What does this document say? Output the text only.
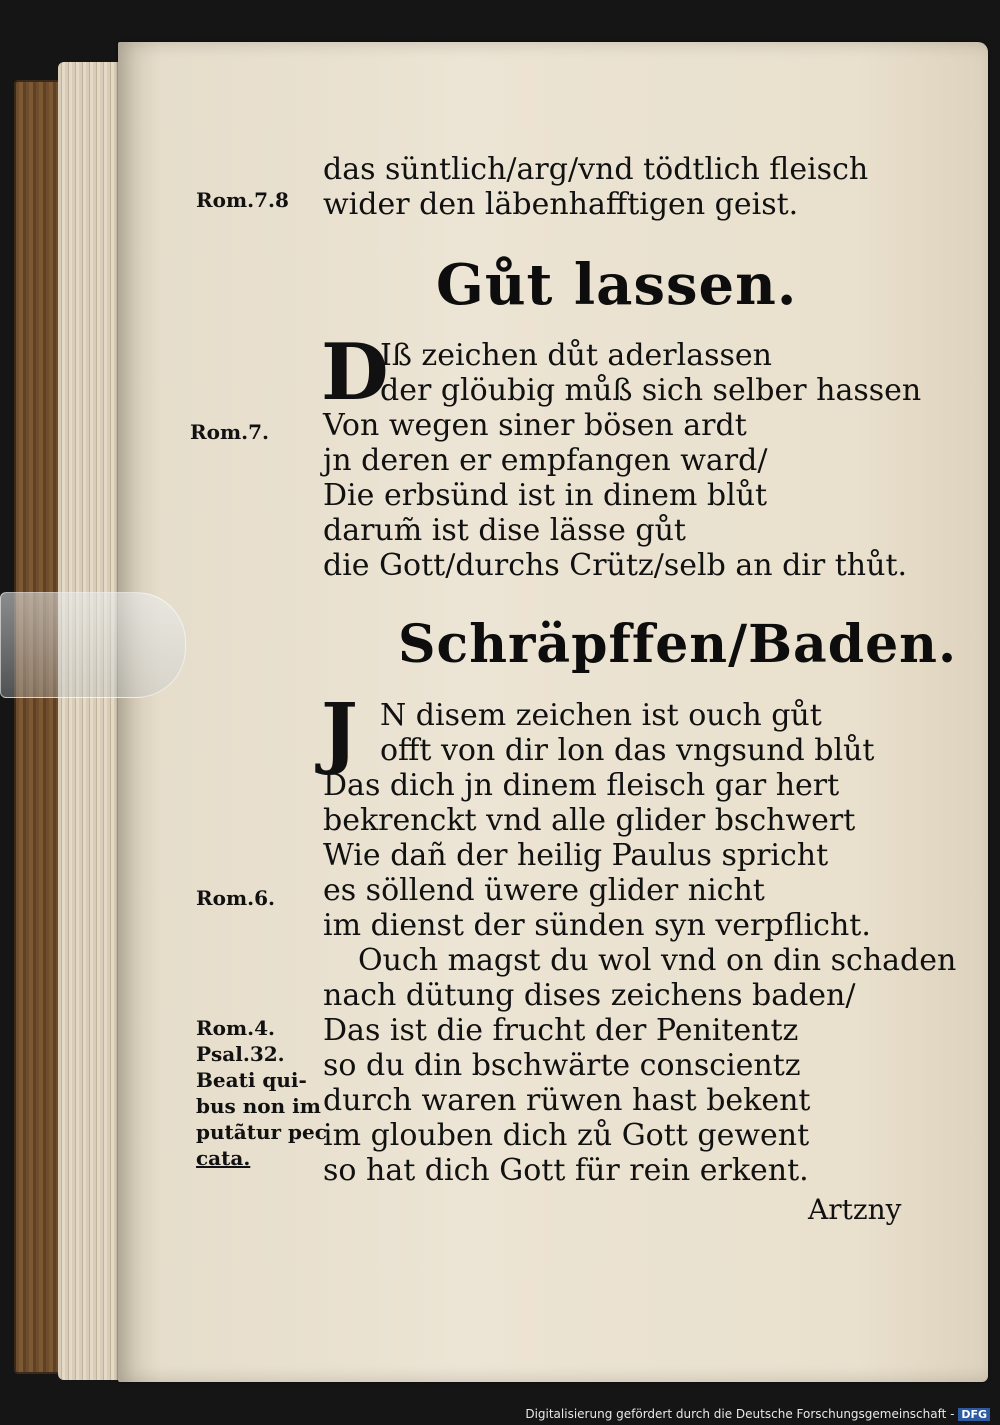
das süntlich/arg/vnd tödtlich fleisch
wider den läbenhafftigen geist.
Rom.7.8
Gůt lassen.
D
Iß zeichen důt aderlassen
der glöubig můß sich selber hassen
Von wegen siner bösen ardt
Rom.7.
jn deren er empfangen ward/
Die erbsünd ist in dinem blůt
darum̃ ist dise lässe gůt
die Gott/durchs Crütz/selb an dir thůt.
Schräpffen/Baden.
J N disem zeichen ist ouch gůt
offt von dir lon das vngsund blůt
Das dich jn dinem fleisch gar hert
bekrenckt vnd alle glider bschwert
Wie dañ der heilig Paulus spricht
es söllend üwere glider nicht
Rom.6.
im dienst der sünden syn verpflicht.
Ouch magst du wol vnd on din schaden
nach dütung dises zeichens baden/
Das ist die frucht der Penitentz
so du din bschwärte conscientz
durch waren rüwen hast bekent
im glouben dich zů Gott gewent
so hat dich Gott für rein erkent.
Rom.4.
Psal.32.
Beati qui-
bus non im
putãtur pec
cata.
Artzny
Digitalisierung gefördert durch die Deutsche Forschungsgemeinschaft - DFG
